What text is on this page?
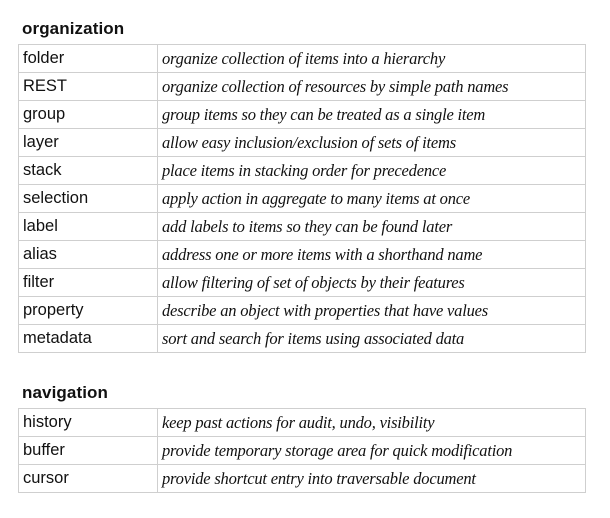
organization
folder	organize collection of items into a hierarchy
REST	organize collection of resources by simple path names
group	group items so they can be treated as a single item
layer	allow easy inclusion/exclusion of sets of items
stack	place items in stacking order for precedence
selection	apply action in aggregate to many items at once
label	add labels to items so they can be found later
alias	address one or more items with a shorthand name
filter	allow filtering of set of objects by their features
property	describe an object with properties that have values
metadata	sort and search for items using associated data
navigation
history	keep past actions for audit, undo, visibility
buffer	provide temporary storage area for quick modification
cursor	provide shortcut entry into traversable document
